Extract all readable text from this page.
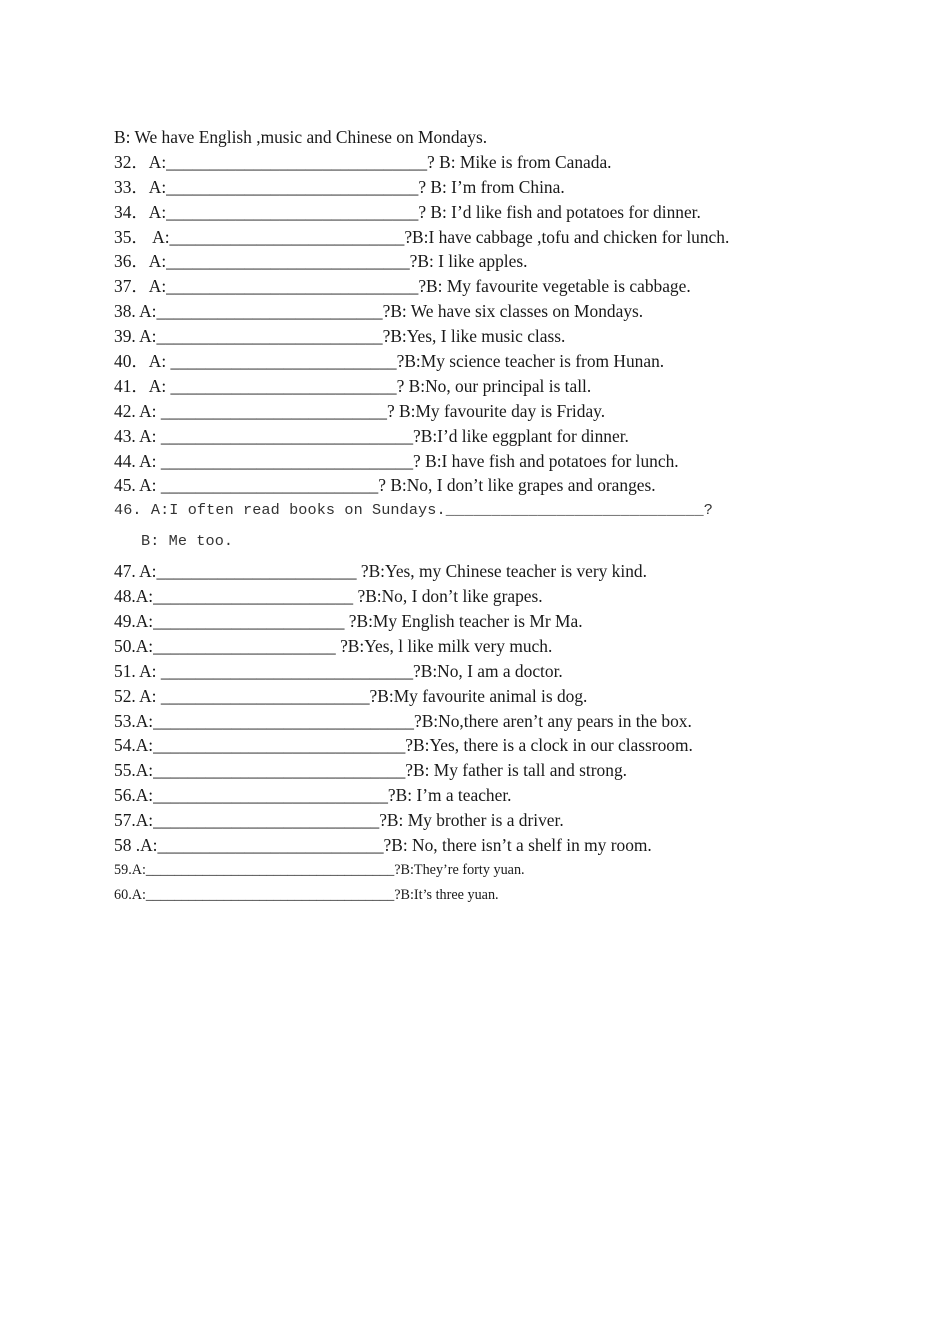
B: We have English ,music and Chinese on Mondays.
32．A:______________________________? B: Mike is from Canada.
33．A:_____________________________? B: I’m from China.
34．A:_____________________________? B: I’d like fish and potatoes for dinner.
35． A:___________________________?B:I have cabbage ,tofu and chicken for lunch.
36．A:____________________________?B: I like apples.
37．A:_____________________________?B: My favourite vegetable is cabbage.
38. A:__________________________?B: We have six classes on Mondays.
39. A:__________________________?B:Yes, I like music class.
40．A: __________________________?B:My science teacher is from Hunan.
41．A: __________________________? B:No, our principal is tall.
42. A: __________________________? B:My favourite day is Friday.
43. A: _____________________________?B:I’d like eggplant for dinner.
44. A: _____________________________? B:I have fish and potatoes for lunch.
45. A: _________________________? B:No, I don’t like grapes and oranges.
46. A:I often read books on Sundays.____________________________?
B: Me too.
47. A:_______________________ ?B:Yes, my Chinese teacher is very kind.
48.A:_______________________ ?B:No, I don’t like grapes.
49.A:______________________ ?B:My English teacher is Mr Ma.
50.A:_____________________ ?B:Yes, l like milk very much.
51. A: _____________________________?B:No, I am a doctor.
52. A: ________________________?B:My favourite animal is dog.
53.A:______________________________?B:No,there aren’t any pears in the box.
54.A:_____________________________?B:Yes, there is a clock in our classroom.
55.A:_____________________________?B: My father is tall and strong.
56.A:___________________________?B: I’m a teacher.
57.A:__________________________?B: My brother is a driver.
58 .A:__________________________?B: No, there isn’t a shelf in my room.
59.A:___________________________________?B:They’re forty yuan.
60.A:___________________________________?B:It’s three yuan.
